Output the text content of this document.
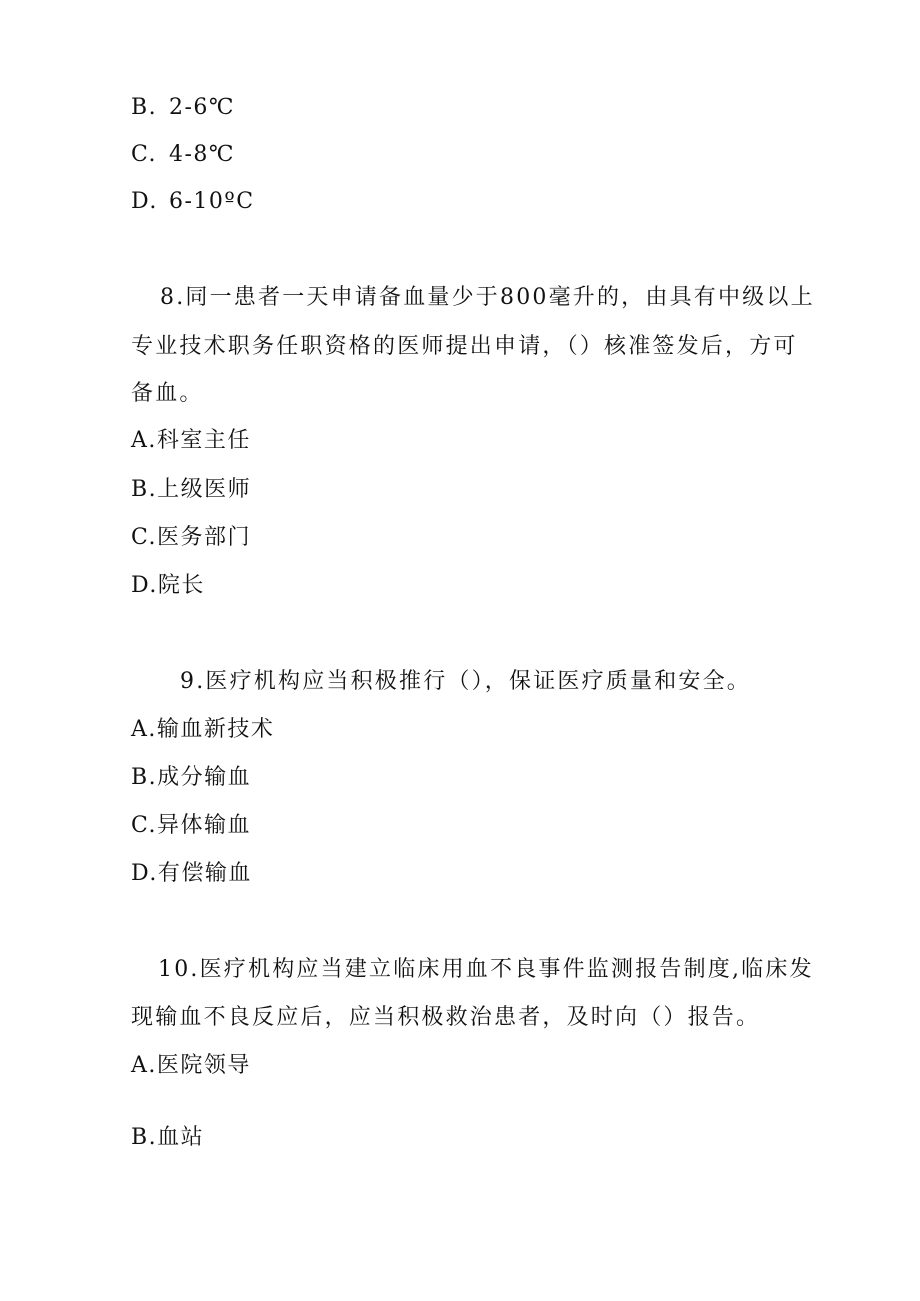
B. 2-6℃
C. 4-8℃
D. 6-10ºC
8.同一患者一天申请备血量少于800毫升的，由具有中级以上
专业技术职务任职资格的医师提出申请，（）核准签发后，方可
备血。
A.科室主任
B.上级医师
C.医务部门
D.院长
9.医疗机构应当积极推行（），保证医疗质量和安全。
A.输血新技术
B.成分输血
C.异体输血
D.有偿输血
10.医疗机构应当建立临床用血不良事件监测报告制度,临床发
现输血不良反应后，应当积极救治患者，及时向（）报告。
A.医院领导
B.血站
